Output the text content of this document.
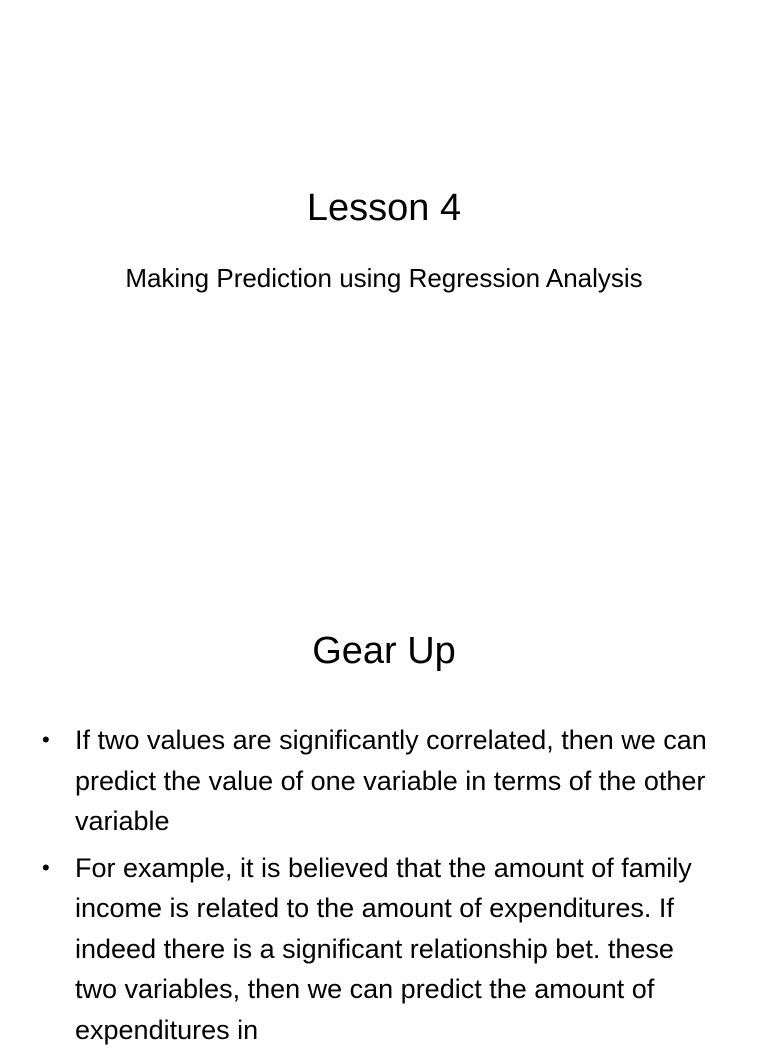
Lesson 4
Making Prediction using Regression Analysis
Gear Up
• If two values are significantly correlated, then we can predict the value of one variable in terms of the other variable
• For example, it is believed that the amount of family income is related to the amount of expenditures. If indeed there is a significant relationship bet. these two variables, then we can predict the amount of expenditures in
